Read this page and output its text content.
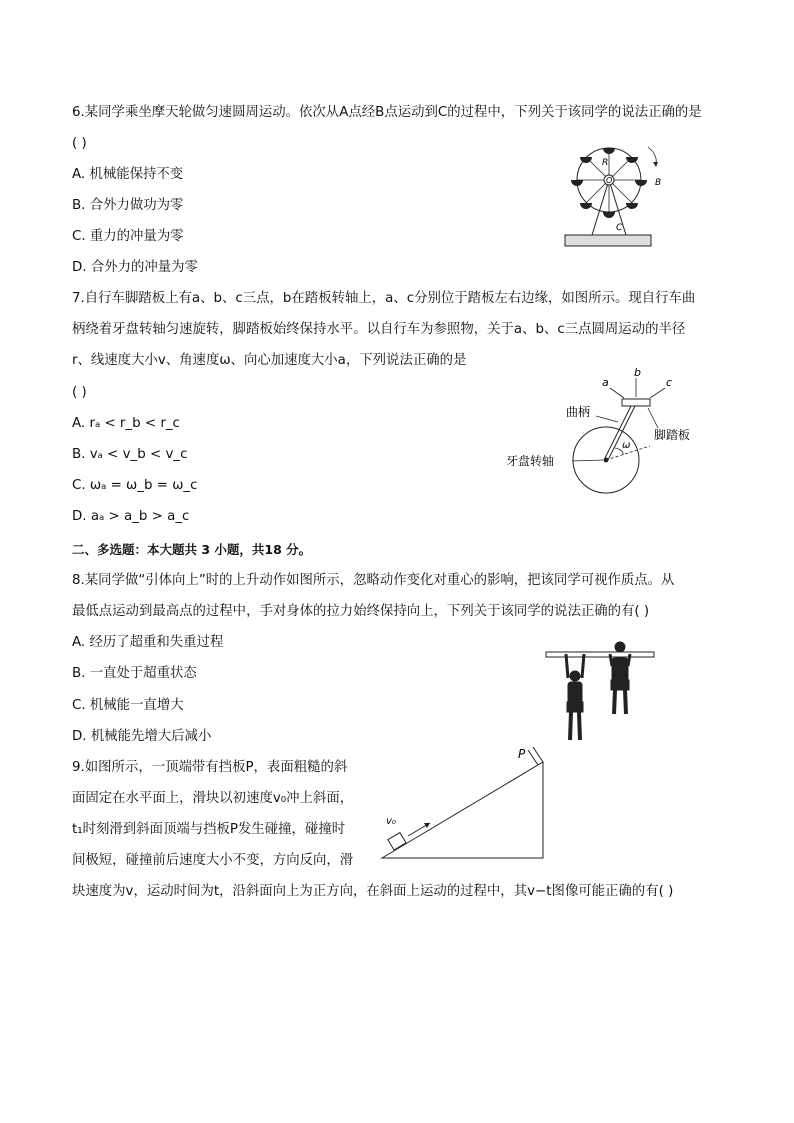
6.某同学乘坐摩天轮做匀速圆周运动。依次从A点经B点运动到C的过程中，下列关于该同学的说法正确的是
( )
A. 机械能保持不变
B. 合外力做功为零
C. 重力的冲量为零
D. 合外力的冲量为零
R
O	B
C
7.自行车脚踏板上有a、b、c三点，b在踏板转轴上，a、c分别位于踏板左右边缘，如图所示。现自行车曲
柄绕着牙盘转轴匀速旋转，脚踏板始终保持水平。以自行车为参照物，关于a、b、c三点圆周运动的半径
r、线速度大小v、角速度ω、向心加速度大小a，下列说法正确的是
( )
A. rₐ < r_b < r_c
B. vₐ < v_b < v_c
C. ωₐ = ω_b = ω_c
D. aₐ > a_b > a_c
ω
a
b
c
曲柄
脚踏板
牙盘转轴
二、多选题：本大题共 3 小题，共18 分。
8.某同学做“引体向上”时的上升动作如图所示，忽略动作变化对重心的影响，把该同学可视作质点。从
最低点运动到最高点的过程中，手对身体的拉力始终保持向上，下列关于该同学的说法正确的有( )
A. 经历了超重和失重过程
B. 一直处于超重状态
C. 机械能一直增大
D. 机械能先增大后减小
9.如图所示，一顶端带有挡板P，表面粗糙的斜
面固定在水平面上，滑块以初速度v₀冲上斜面，
t₁时刻滑到斜面顶端与挡板P发生碰撞，碰撞时
间极短，碰撞前后速度大小不变，方向反向，滑
块速度为v，运动时间为t，沿斜面向上为正方向，在斜面上运动的过程中，其v−t图像可能正确的有( )
P
v₀
